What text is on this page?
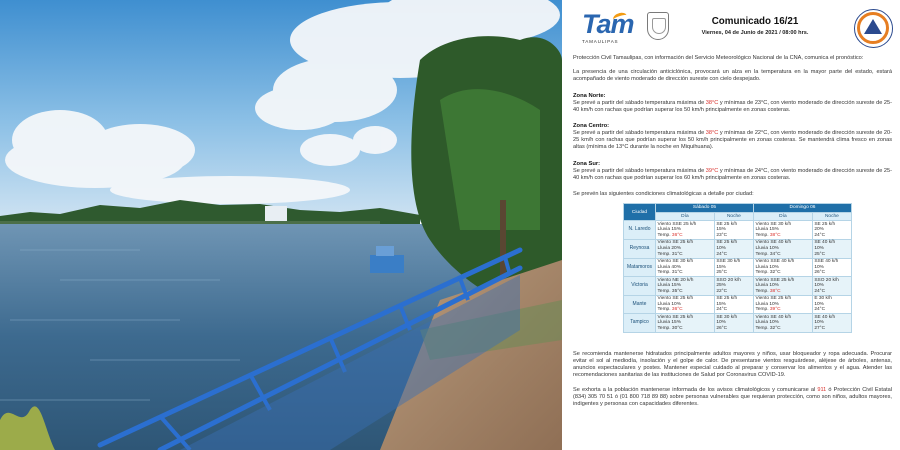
Tam
TAMAULIPAS
Comunicado 16/21
Viernes, 04 de Junio de 2021 / 08:00 hrs.

Protección Civil Tamaulipas, con información del Servicio Meteorológico Nacional de la CNA, comunica el pronóstico:

La presencia de una circulación anticiclónica, provocará un alza en la temperatura en la mayor parte del estado, estará acompañado de viento moderado de dirección sureste con cielo despejado.

Zona Norte:

Se prevé a partir del sábado temperatura máxima de 38°C y mínimas de 23°C, con viento moderado de dirección sureste de 25-40 km/h con rachas que podrían superar los 50 km/h principalmente en zonas costeras.

Zona Centro:

Se prevé a partir del sábado temperatura máxima de 38°C y mínimas de 22°C, con viento moderado de dirección sureste de 20-25 km/h con rachas que podrían superar los 50 km/h principalmente en zonas costeras. Se mantendrá clima fresco en zonas altas (mínima de 13°C durante la noche en Miquihuana).

Zona Sur:

Se prevé a partir del sábado temperatura máxima de 39°C y mínimas de 24°C, con viento moderado de dirección sureste de 25-40 km/h con rachas que podrían superar los 60 km/h principalmente en zonas costeras.

Se prevén las siguientes condiciones climatológicas a detalle por ciudad:

Ciudad	Sábado 05		Domingo 06	
	Día	Noche	Día	Noche
N. Laredo	Viento SSE 25 k/h
Lluvia 15%
Temp. 36°C	SE 25 k/h
15%
23°C	Viento SE 30 k/h
Lluvia 15%
Temp. 38°C	SE 25 k/h
20%
24°C

Reynosa	Viento SE 25 k/h
Lluvia 20%
Temp. 31°C	SE 25 k/h
10%
24°C	Viento SE 40 k/h
Lluvia 10%
Temp. 34°C	SE 40 k/h
10%
25°C

Matamoros	Viento SE 30 k/h
Lluvia 40%
Temp. 31°C	SSE 30 k/h
15%
25°C	Viento SSE 40 k/h
Lluvia 10%
Temp. 32°C	SSE 40 k/h
10%
26°C

Victoria	Viento NE 20 k/h
Lluvia 15%
Temp. 35°C	SSO 20 k/h
25%
22°C	Viento SSE 25 k/h
Lluvia 10%
Temp. 38°C	SSO 20 k/h
10%
24°C

Mante	Viento SE 25 k/h
Lluvia 10%
Temp. 36°C	SE 25 k/h
15%
24°C	Viento SE 25 k/h
Lluvia 10%
Temp. 39°C	E 30 k/h
10%
24°C

Tampico	Viento SE 25 k/h
Lluvia 15%
Temp. 30°C	SE 30 k/h
10%
26°C	Viento SE 40 k/h
Lluvia 10%
Temp. 32°C	SE 40 k/h
10%
27°C

Se recomienda mantenerse hidratados principalmente adultos mayores y niños, usar bloqueador y ropa adecuada. Procurar evitar el sol al mediodía, insolación y el golpe de calor. De presentarse vientos resguárdese, aléjese de árboles, antenas, anuncios espectaculares y postes. Mantener especial cuidado al preparar y conservar los alimentos y el agua. Atender las recomendaciones sanitarias de las instituciones de Salud por Coronavirus COVID-19.

Se exhorta a la población mantenerse informada de los avisos climatológicos y comunicarse al 911 ó Protección Civil Estatal (834) 305 70 51 ó (01 800 718 89 88) sobre personas vulnerables que requieran protección, como son niños, adultos mayores, indigentes y personas con capacidades diferentes.
